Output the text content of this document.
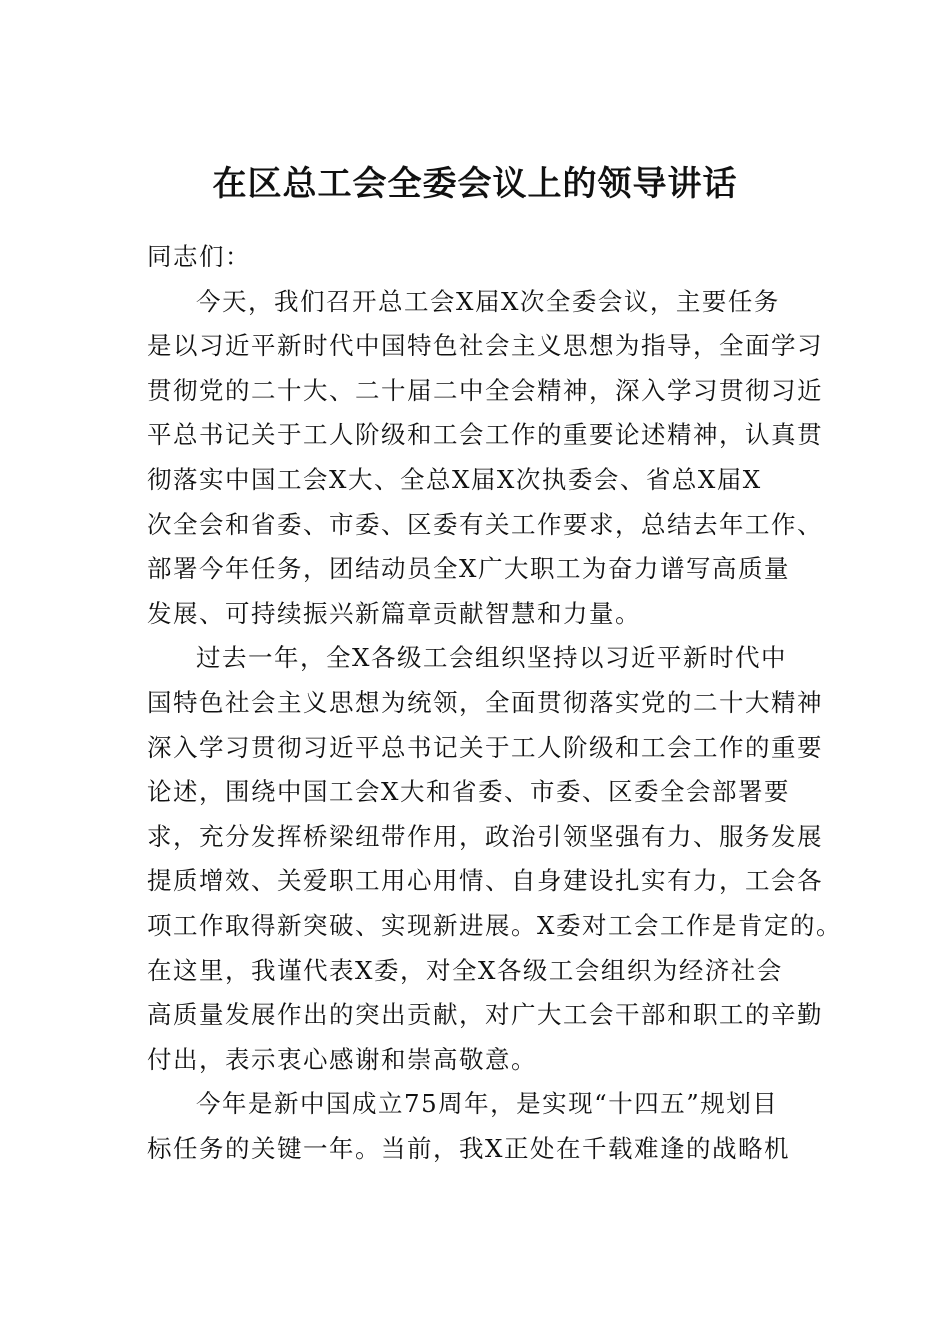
在区总工会全委会议上的领导讲话

同志们：

今天，我们召开总工会X届X次全委会议，主要任务

是以习近平新时代中国特色社会主义思想为指导，全面学习

贯彻党的二十大、二十届二中全会精神，深入学习贯彻习近

平总书记关于工人阶级和工会工作的重要论述精神，认真贯

彻落实中国工会X大、全总X届X次执委会、省总X届X

次全会和省委、市委、区委有关工作要求，总结去年工作、

部署今年任务，团结动员全X广大职工为奋力谱写高质量

发展、可持续振兴新篇章贡献智慧和力量。

过去一年，全X各级工会组织坚持以习近平新时代中

国特色社会主义思想为统领，全面贯彻落实党的二十大精神

深入学习贯彻习近平总书记关于工人阶级和工会工作的重要

论述，围绕中国工会X大和省委、市委、区委全会部署要

求，充分发挥桥梁纽带作用，政治引领坚强有力、服务发展

提质增效、关爱职工用心用情、自身建设扎实有力，工会各

项工作取得新突破、实现新进展。X委对工会工作是肯定的。

在这里，我谨代表X委，对全X各级工会组织为经济社会

高质量发展作出的突出贡献，对广大工会干部和职工的辛勤

付出，表示衷心感谢和崇高敬意。

今年是新中国成立75周年，是实现“十四五”规划目

标任务的关键一年。当前，我X正处在千载难逢的战略机
